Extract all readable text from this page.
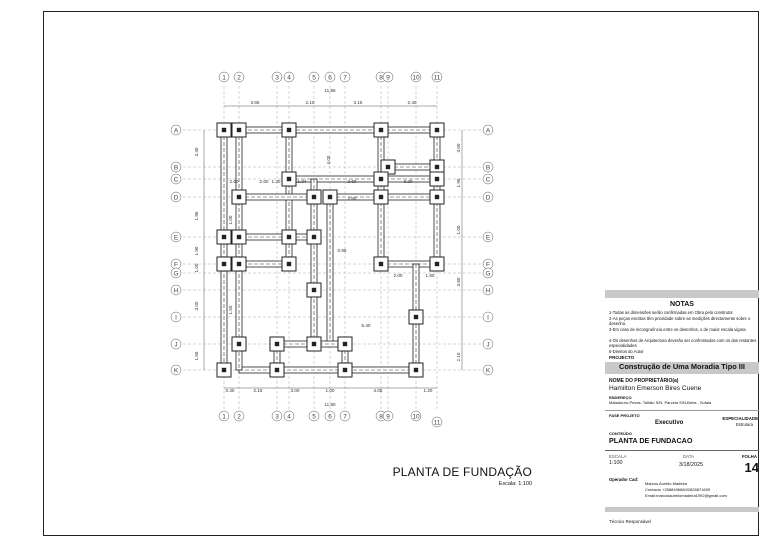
3.65	2.10	3.15	2.40
11.95
0.40	2.15	3.00	1.00	4.05	1.20
11.80
2.60	2.60 1.30	1.34	2.60	3.20
2.60
2.00	1.80
0.85
5.40
3.40
1.95
1.90
1.00
3.00
1.55
1.00
1.50
4.00
3.00
1.90
1.00
3.60
2.10
1
1
2
2
3
3
4
4
5
5
6
6
7
7
8
8
9
9
10
10
11
11
A	A
B	B
C	C
D	D
E	E
F	F
G	G
H	H
I	I
J	J
K	K
PLANTA DE FUNDAÇÃO
Escala: 1:100
NOTAS
1-Todas as dimensões serão confirmadas em Obra pelo construtor.
2-As peças escritas têm prioridade sobre as medições directamente sobre o desenho.
3-Em caso de incongruência entre os desenhos, o de maior escala vigora.
4-Os desenhos de Arquitectura deverão ser confrontados com os das restantes especialidades
5-Direitos do Autor
PROJECTO
Construção de Uma Moradia Tipo III
NOME DO PROPRIETÁRIO(a)
Hamilton Emerson Bires Cuene
ENDEREÇO
Matadouro-Pevas, Talhão S/N. Parcela S/N-Beira , Sofala
FASE PROJETO
Executivo
ESPECIALIDADE
Estrutura
CONTEÚDO
PLANTA DE FUNDACAO
ESCALA
1:100
DATA
3/18/2025
FOLHA
14
Operador Cad:
Marcos Aurélio Madeira
Contacto +258849668/02828871699
Email:marcosaureliomadeira1992@gmail.com
Técnico Responsável
